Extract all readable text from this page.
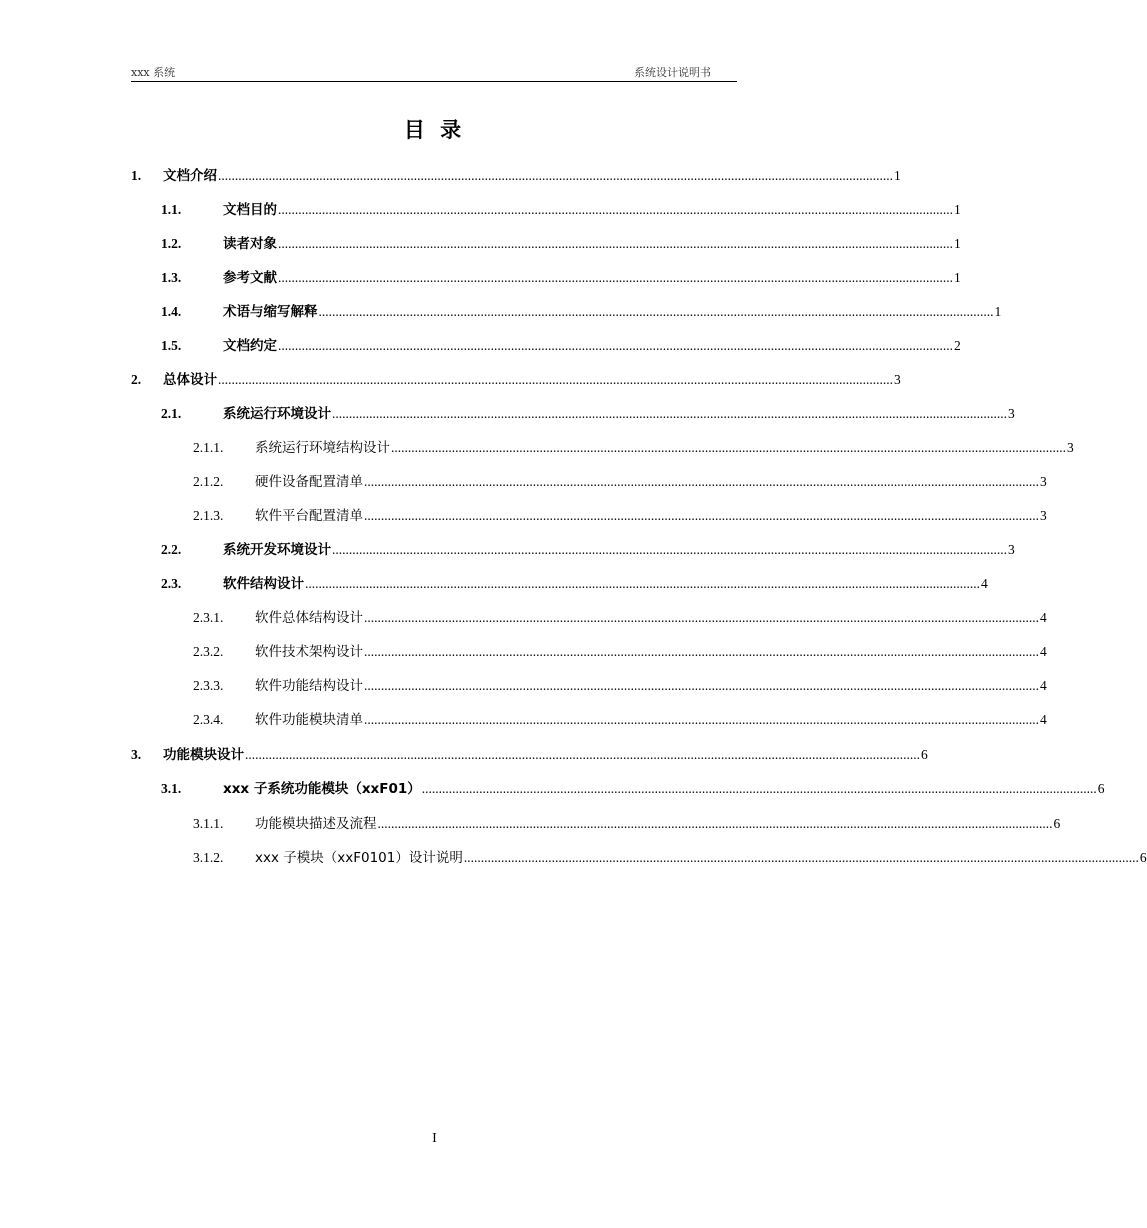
xxx 系统	系统设计说明书
目 录
1.	文档介绍 ........................................................................................................................................................................................................ 1
1.1.	文档目的 ........................................................................................................................................................................................................ 1
1.2.	读者对象 ........................................................................................................................................................................................................ 1
1.3.	参考文献 ........................................................................................................................................................................................................ 1
1.4.	术语与缩写解释 ........................................................................................................................................................................................................ 1
1.5.	文档约定 ........................................................................................................................................................................................................ 2
2.	总体设计 ........................................................................................................................................................................................................ 3
2.1.	系统运行环境设计 ........................................................................................................................................................................................................ 3
2.1.1.	系统运行环境结构设计 ........................................................................................................................................................................................................ 3
2.1.2.	硬件设备配置清单 ........................................................................................................................................................................................................ 3
2.1.3.	软件平台配置清单 ........................................................................................................................................................................................................ 3
2.2.	系统开发环境设计 ........................................................................................................................................................................................................ 3
2.3.	软件结构设计 ........................................................................................................................................................................................................ 4
2.3.1.	软件总体结构设计 ........................................................................................................................................................................................................ 4
2.3.2.	软件技术架构设计 ........................................................................................................................................................................................................ 4
2.3.3.	软件功能结构设计 ........................................................................................................................................................................................................ 4
2.3.4.	软件功能模块清单 ........................................................................................................................................................................................................ 4
3.	功能模块设计 ........................................................................................................................................................................................................ 6
3.1.	xxx 子系统功能模块（xxF01） ........................................................................................................................................................................................................ 6
3.1.1.	功能模块描述及流程 ........................................................................................................................................................................................................ 6
3.1.2.	xxx 子模块（xxF0101）设计说明 ........................................................................................................................................................................................................ 6
I
